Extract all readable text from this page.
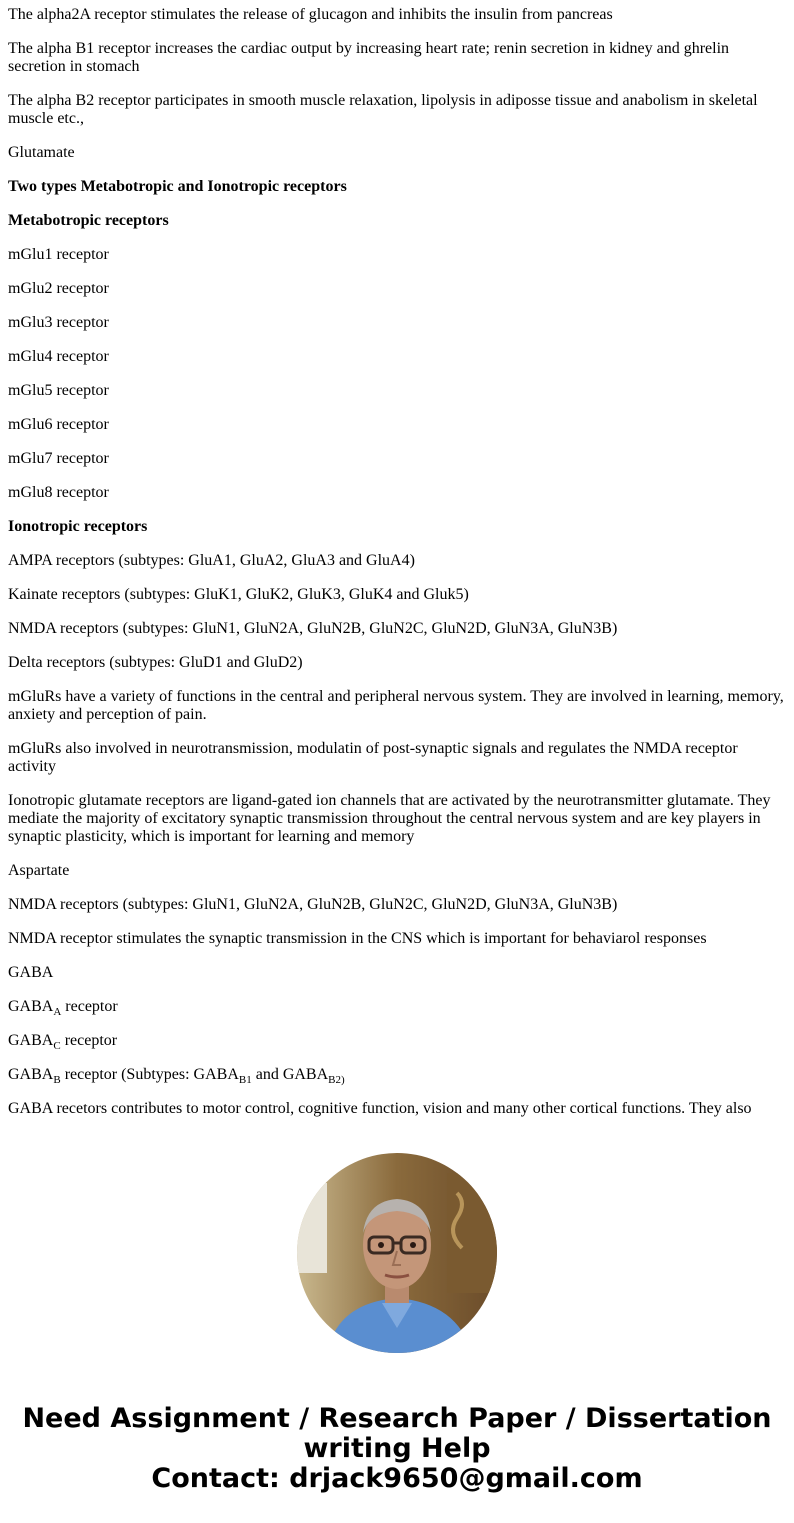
The alpha2A receptor stimulates the release of glucagon and inhibits the insulin from pancreas

The alpha B1 receptor increases the cardiac output by increasing heart rate; renin secretion in kidney and ghrelin secretion in stomach

The alpha B2 receptor participates in smooth muscle relaxation, lipolysis in adiposse tissue and anabolism in skeletal muscle etc.,

Glutamate

Two types Metabotropic and Ionotropic receptors

Metabotropic receptors

mGlu1 receptor

mGlu2 receptor

mGlu3 receptor

mGlu4 receptor

mGlu5 receptor

mGlu6 receptor

mGlu7 receptor

mGlu8 receptor

Ionotropic receptors

AMPA receptors (subtypes: GluA1, GluA2, GluA3 and GluA4)

Kainate receptors (subtypes: GluK1, GluK2, GluK3, GluK4 and Gluk5)

NMDA receptors (subtypes: GluN1, GluN2A, GluN2B, GluN2C, GluN2D, GluN3A, GluN3B)

Delta receptors (subtypes: GluD1 and GluD2)

mGluRs have a variety of functions in the central and peripheral nervous system. They are involved in learning, memory, anxiety and perception of pain.

mGluRs also involved in neurotransmission, modulatin of post-synaptic signals and regulates the NMDA receptor activity

Ionotropic glutamate receptors are ligand-gated ion channels that are activated by the neurotransmitter glutamate. They mediate the majority of excitatory synaptic transmission throughout the central nervous system and are key players in synaptic plasticity, which is important for learning and memory

Aspartate

NMDA receptors (subtypes: GluN1, GluN2A, GluN2B, GluN2C, GluN2D, GluN3A, GluN3B)

NMDA receptor stimulates the synaptic transmission in the CNS which is important for behaviarol responses

GABA

$GABA_A$ receptor

$GABA_C$ receptor

$GABA_B$ receptor (Subtypes: $GABA_{B1}$ and $GABA_{B2)}$

GABA recetors contributes to motor control, cognitive function, vision and many other cortical functions. They also

Need Assignment / Research Paper / Dissertation writing Help
Contact: drjack9650@gmail.com
